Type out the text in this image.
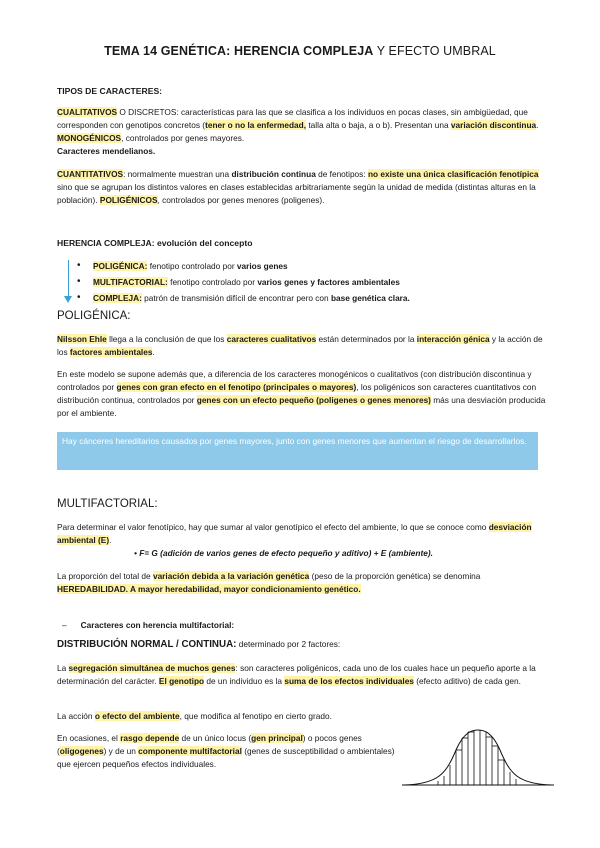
TEMA 14 GENÉTICA: HERENCIA COMPLEJA Y EFECTO UMBRAL
TIPOS DE CARACTERES:

CUALITATIVOS O DISCRETOS: características para las que se clasifica a los individuos en pocas clases, sin ambigüedad, que corresponden con genotipos concretos (tener o no la enfermedad, talla alta o baja, a o b). Presentan una variación discontinua. MONOGÉNICOS, controlados por genes mayores.
Caracteres mendelianos.

CUANTITATIVOS: normalmente muestran una distribución continua de fenotipos: no existe una única clasificación fenotípica sino que se agrupan los distintos valores en clases establecidas arbitrariamente según la unidad de medida (distintas alturas en la población). POLIGÉNICOS, controlados por genes menores (poligenes).

HERENCIA COMPLEJA: evolución del concepto
• POLIGÉNICA: fenotipo controlado por varios genes
• MULTIFACTORIAL: fenotipo controlado por varios genes y factores ambientales
• COMPLEJA: patrón de transmisión difícil de encontrar pero con base genética clara.
POLIGÉNICA:

Nilsson Ehle llega a la conclusión de que los caracteres cualitativos están determinados por la interacción génica y la acción de los factores ambientales.

En este modelo se supone además que, a diferencia de los caracteres monogénicos o cualitativos (con distribución discontinua y controlados por genes con gran efecto en el fenotipo (principales o mayores), los poligénicos son caracteres cuantitativos con distribución continua, controlados por genes con un efecto pequeño (poligenes o genes menores) más una desviación producida por el ambiente.

Hay cánceres hereditarios causados por genes mayores, junto con genes menores que aumentan el riesgo de desarrollarlos.
MULTIFACTORIAL:

Para determinar el valor fenotípico, hay que sumar al valor genotípico el efecto del ambiente, lo que se conoce como desviación ambiental (E).

• F= G (adición de varios genes de efecto pequeño y aditivo) + E (ambiente).

La proporción del total de variación debida a la variación genética (peso de la proporción genética) se denomina HEREDABILIDAD. A mayor heredabilidad, mayor condicionamiento genético.

– Caracteres con herencia multifactorial:
DISTRIBUCIÓN NORMAL / CONTINUA: determinado por 2 factores:

La segregación simultánea de muchos genes: son caracteres poligénicos, cada uno de los cuales hace un pequeño aporte a la determinación del carácter. El genotipo de un individuo es la suma de los efectos individuales (efecto aditivo) de cada gen.

La acción o efecto del ambiente, que modifica al fenotipo en cierto grado.

En ocasiones, el rasgo depende de un único locus (gen principal) o pocos genes (oligogenes) y de un componente multifactorial (genes de susceptibilidad o ambientales) que ejercen pequeños efectos individuales.
